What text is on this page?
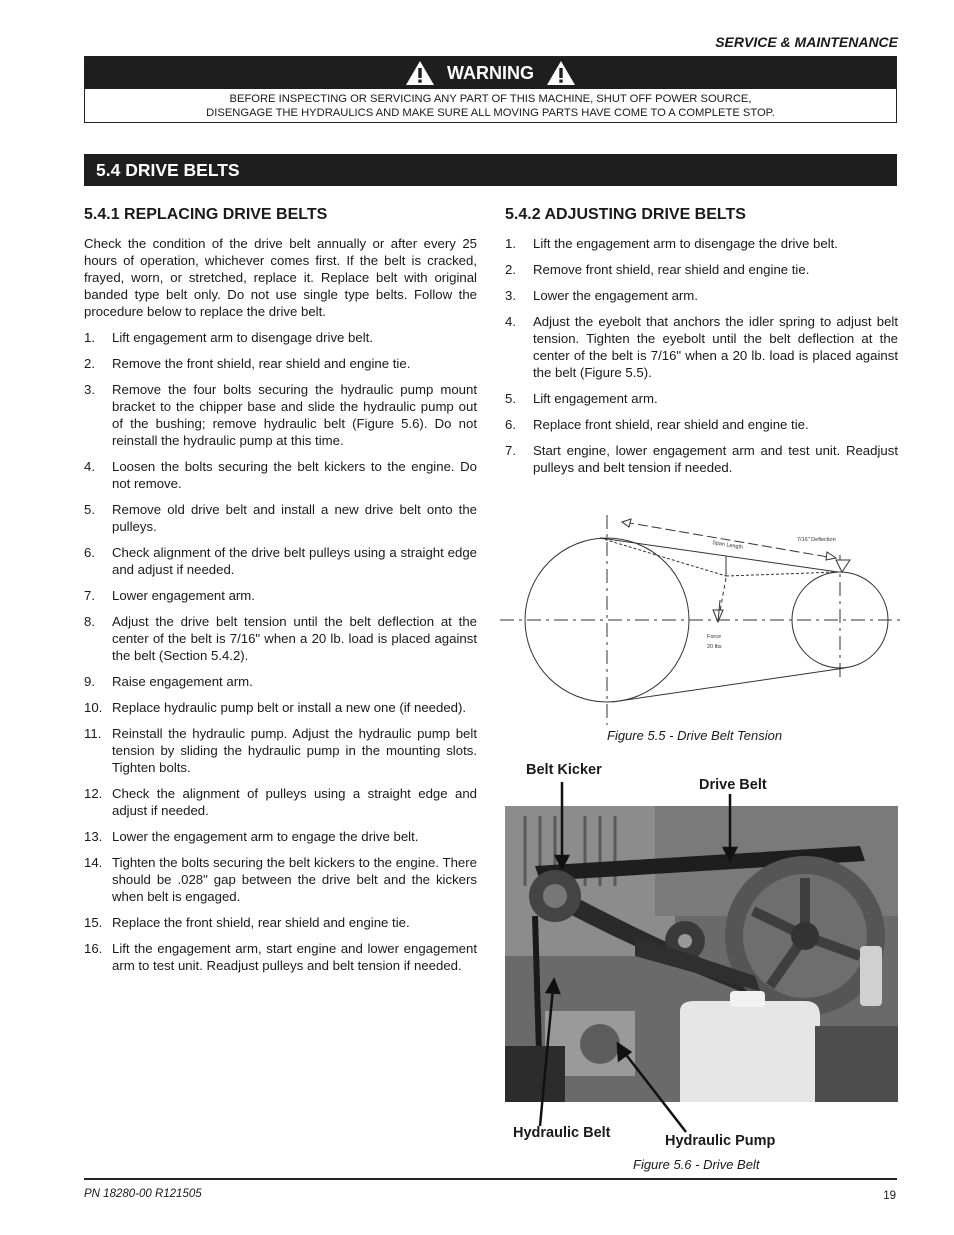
SERVICE & MAINTENANCE
WARNING
BEFORE INSPECTING OR SERVICING ANY PART OF THIS MACHINE, SHUT OFF POWER SOURCE,
DISENGAGE THE HYDRAULICS AND MAKE SURE ALL MOVING PARTS HAVE COME TO A COMPLETE STOP.
5.4 DRIVE BELTS
5.4.1 REPLACING DRIVE BELTS
Check the condition of the drive belt annually or after every 25 hours of operation, whichever comes first. If the belt is cracked, frayed, worn, or stretched, replace it. Replace belt with original banded type belt only. Do not use single type belts. Follow the procedure below to replace the drive belt.
1.	Lift engagement arm to disengage drive belt.
2.	Remove the front shield, rear shield and engine tie.
3.	Remove the four bolts securing the hydraulic pump mount bracket to the chipper base and slide the hydraulic pump out of the bushing; remove hydraulic belt (Figure 5.6). Do not reinstall the hydraulic pump at this time.
4.	Loosen the bolts securing the belt kickers to the engine. Do not remove.
5.	Remove old drive belt and install a new drive belt onto the pulleys.
6.	Check alignment of the drive belt pulleys using a straight edge and adjust if needed.
7.	Lower engagement arm.
8.	Adjust the drive belt tension until the belt deflection at the center of the belt is 7/16" when a 20 lb. load is placed against the belt (Section 5.4.2).
9.	Raise engagement arm.
10. Replace hydraulic pump belt or install a new one (if needed).
11. Reinstall the hydraulic pump. Adjust the hydraulic pump belt tension by sliding the hydraulic pump in the mounting slots. Tighten bolts.
12. Check the alignment of pulleys using a straight edge and adjust if needed.
13. Lower the engagement arm to engage the drive belt.
14. Tighten the bolts securing the belt kickers to the engine. There should be .028" gap between the drive belt and the kickers when belt is engaged.
15. Replace the front shield, rear shield and engine tie.
16. Lift the engagement arm, start engine and lower engagement arm to test unit. Readjust pulleys and belt tension if needed.
5.4.2 ADJUSTING DRIVE BELTS
1.	Lift the engagement arm to disengage the drive belt.
2.	Remove front shield, rear shield and engine tie.
3.	Lower the engagement arm.
4.	Adjust the eyebolt that anchors the idler spring to adjust belt tension. Tighten the eyebolt until the belt deflection at the center of the belt is 7/16" when a 20 lb. load is placed against the belt (Figure 5.5).
5.	Lift engagement arm.
6.	Replace front shield, rear shield and engine tie.
7.	Start engine, lower engagement arm and test unit. Readjust pulleys and belt tension if needed.
Span Length
7/16" Deflection
Force
20 lbs
Figure 5.5 - Drive Belt Tension
Belt Kicker
Drive Belt
Hydraulic Belt	Hydraulic Pump
Figure 5.6 - Drive Belt
PN 18280-00 R121505	19
